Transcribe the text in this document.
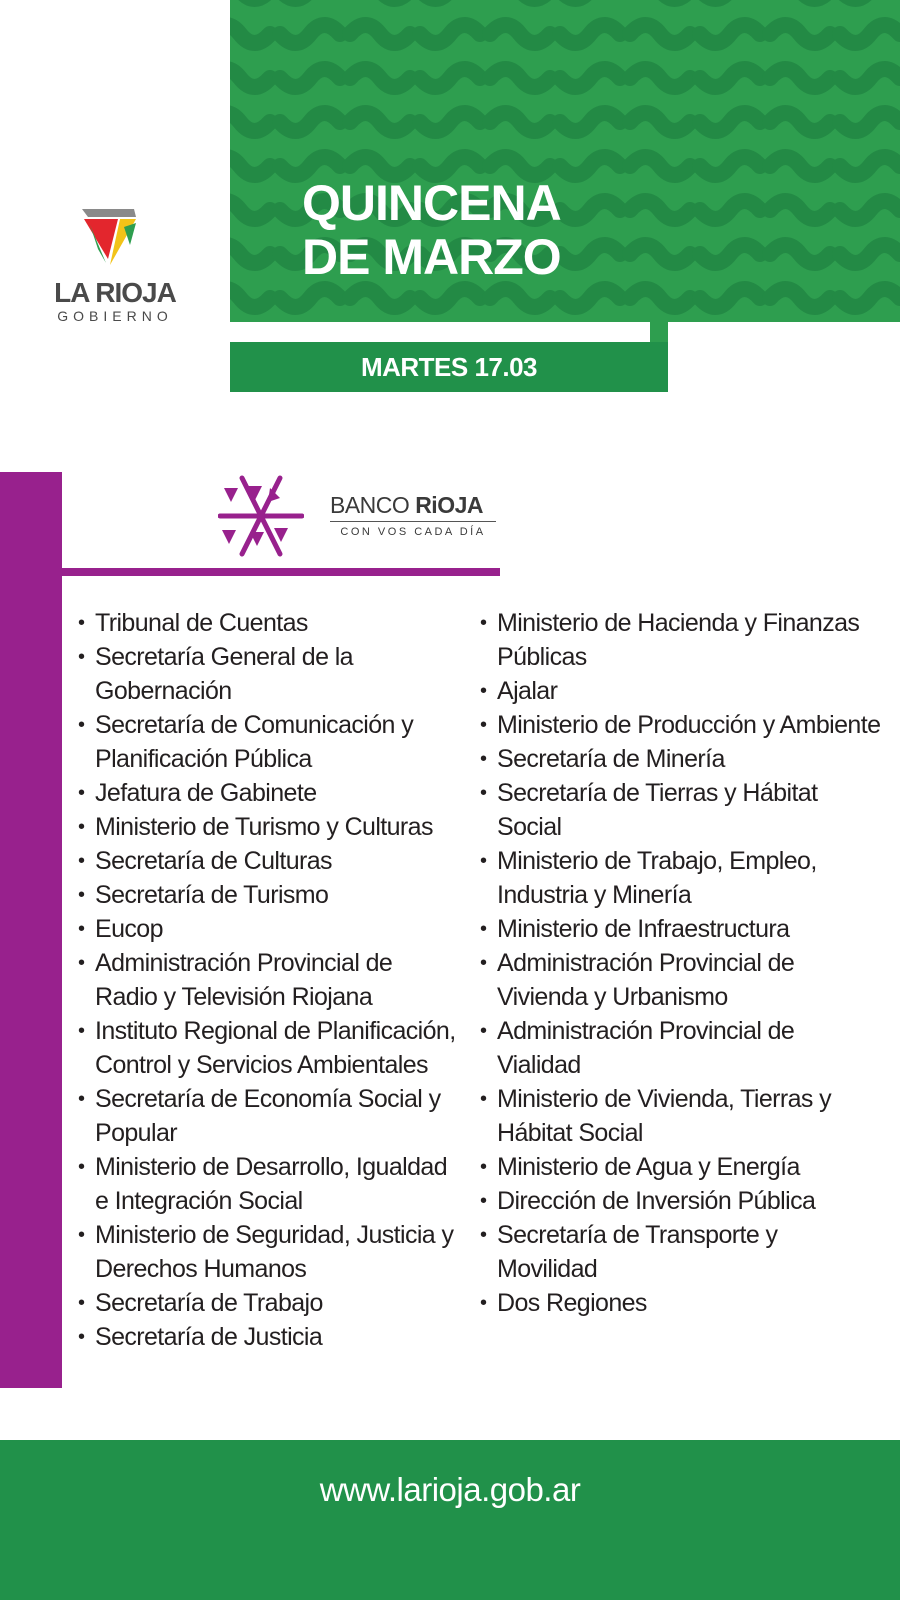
QUINCENA
DE MARZO
MARTES 17.03
LA RIOJA
GOBIERNO
BANCO RiOJA
CON VOS CADA DÍA
• Tribunal de Cuentas
• Secretaría General de la Gobernación
• Secretaría de Comunicación y Planificación Pública
• Jefatura de Gabinete
• Ministerio de Turismo y Culturas
• Secretaría de Culturas
• Secretaría de Turismo
• Eucop
• Administración Provincial de Radio y Televisión Riojana
• Instituto Regional de Planificación, Control y Servicios Ambientales
• Secretaría de Economía Social y Popular
• Ministerio de Desarrollo, Igualdad e Integración Social
• Ministerio de Seguridad, Justicia y Derechos Humanos
• Secretaría de Trabajo
• Secretaría de Justicia
• Ministerio de Hacienda y Finanzas Públicas
• Ajalar
• Ministerio de Producción y Ambiente
• Secretaría de Minería
• Secretaría de Tierras y Hábitat Social
• Ministerio de Trabajo, Empleo, Industria y Minería
• Ministerio de Infraestructura
• Administración Provincial de Vivienda y Urbanismo
• Administración Provincial de Vialidad
• Ministerio de Vivienda, Tierras y Hábitat Social
• Ministerio de Agua y Energía
• Dirección de Inversión Pública
• Secretaría de Transporte y Movilidad
• Dos Regiones
www.larioja.gob.ar
